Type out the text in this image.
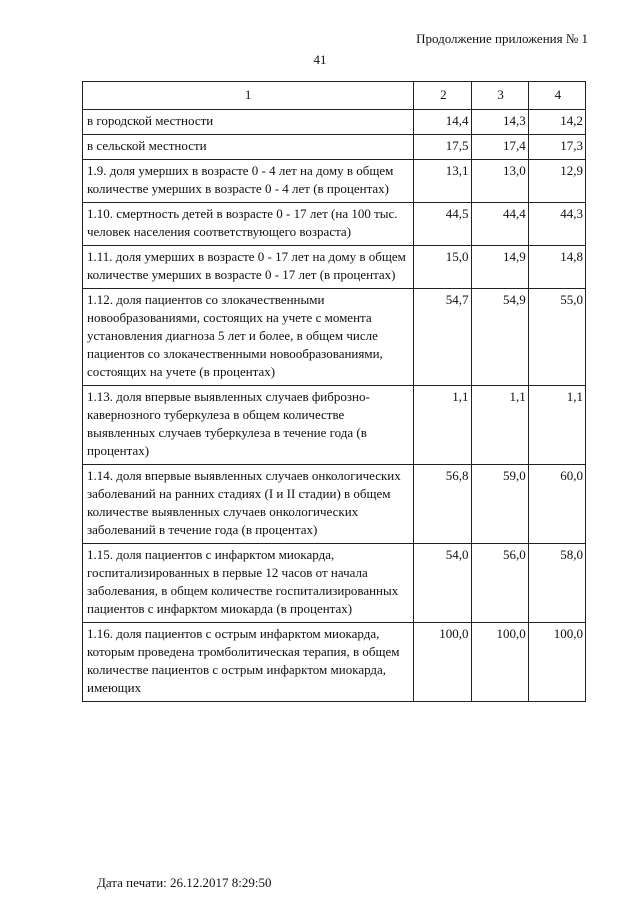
Продолжение приложения № 1
41
1	2	3	4
в городской местности	14,4	14,3	14,2
в сельской местности	17,5	17,4	17,3
1.9. доля умерших в возрасте 0 - 4 лет на дому в общем количестве умерших в возрасте 0 - 4 лет (в процентах)	13,1	13,0	12,9
1.10. смертность детей в возрасте 0 - 17 лет (на 100 тыс. человек населения соответствующего возраста)	44,5	44,4	44,3
1.11. доля умерших в возрасте 0 - 17 лет на дому в общем количестве умерших в возрасте 0 - 17 лет (в процентах)	15,0	14,9	14,8
1.12. доля пациентов со злокачественными новообразованиями, состоящих на учете с момента установления диагноза 5 лет и более, в общем числе пациентов со злокачественными новообразованиями, состоящих на учете (в процентах)	54,7	54,9	55,0
1.13. доля впервые выявленных случаев фиброзно-кавернозного туберкулеза в общем количестве выявленных случаев туберкулеза в течение года (в процентах)	1,1	1,1	1,1
1.14. доля впервые выявленных случаев онкологических заболеваний на ранних стадиях (I и II стадии) в общем количестве выявленных случаев онкологических заболеваний в течение года (в процентах)	56,8	59,0	60,0
1.15. доля пациентов с инфарктом миокарда, госпитализированных в первые 12 часов от начала заболевания, в общем количестве госпитализированных пациентов с инфарктом миокарда (в процентах)	54,0	56,0	58,0
1.16. доля пациентов с острым инфарктом миокарда, которым проведена тромболитическая терапия, в общем количестве пациентов с острым инфарктом миокарда, имеющих	100,0	100,0	100,0
Дата печати: 26.12.2017 8:29:50
